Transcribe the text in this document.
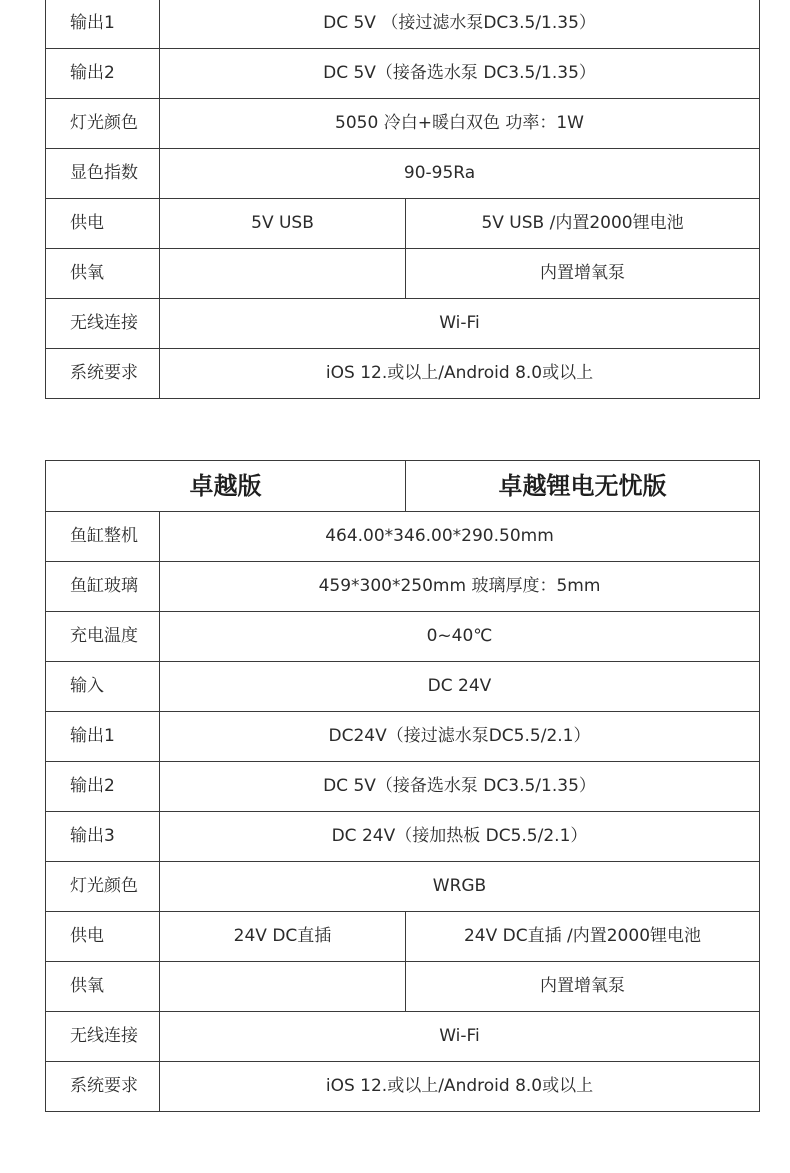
输出1	DC 5V （接过滤水泵DC3.5/1.35）	
输出2	DC 5V（接备选水泵 DC3.5/1.35）	
灯光颜色	5050 冷白+暖白双色 功率：1W	
显色指数	90-95Ra	
供电	5V USB	5V USB /内置2000锂电池
供氧		内置增氧泵
无线连接	Wi-Fi	
系统要求	iOS 12.或以上/Android 8.0或以上	
卓越版		卓越锂电无忧版
鱼缸整机	464.00*346.00*290.50mm	
鱼缸玻璃	459*300*250mm 玻璃厚度：5mm	
充电温度	0~40℃	
输入	DC 24V	
输出1	DC24V（接过滤水泵DC5.5/2.1）	
输出2	DC 5V（接备选水泵 DC3.5/1.35）	
输出3	DC 24V（接加热板 DC5.5/2.1）	
灯光颜色	WRGB	
供电	24V DC直插	24V DC直插 /内置2000锂电池
供氧		内置增氧泵
无线连接	Wi-Fi	
系统要求	iOS 12.或以上/Android 8.0或以上	
